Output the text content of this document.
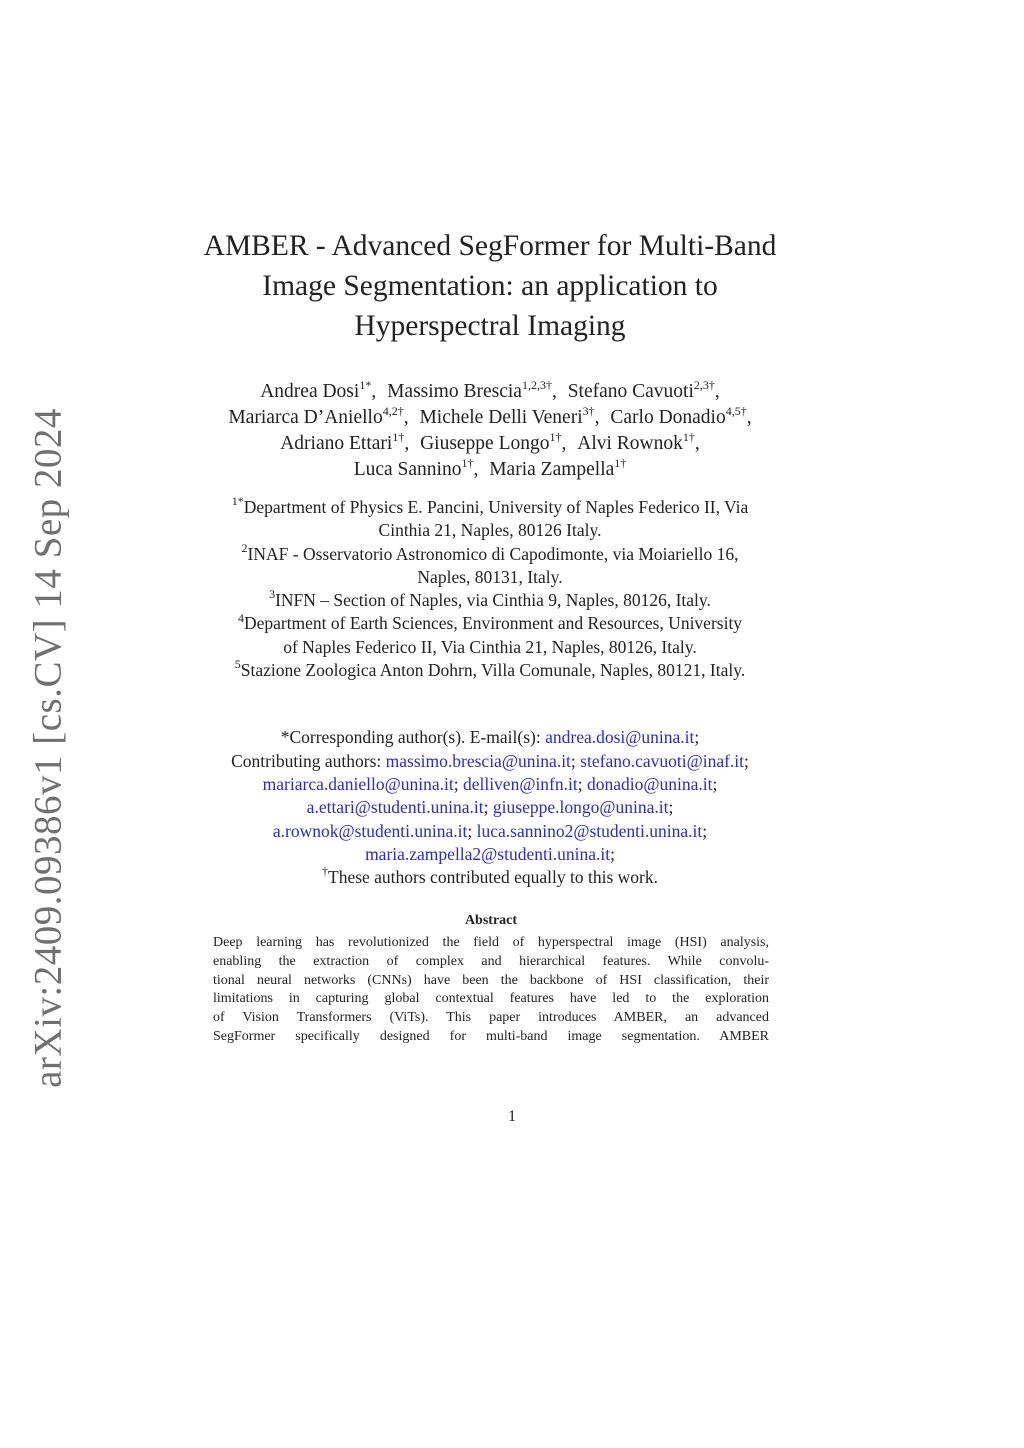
arXiv:2409.09386v1 [cs.CV] 14 Sep 2024
AMBER - Advanced SegFormer for Multi-Band
Image Segmentation: an application to
Hyperspectral Imaging
Andrea Dosi$^{1*}$, Massimo Brescia$^{1,2,3\dagger}$, Stefano Cavuoti$^{2,3\dagger}$,
Mariarca D’Aniello$^{4,2\dagger}$, Michele Delli Veneri$^{3\dagger}$, Carlo Donadio$^{4,5\dagger}$,
Adriano Ettari$^{1\dagger}$, Giuseppe Longo$^{1\dagger}$, Alvi Rownok$^{1\dagger}$,
Luca Sannino$^{1\dagger}$, Maria Zampella$^{1\dagger}$
$^{1*}$Department of Physics E. Pancini, University of Naples Federico II, Via
Cinthia 21, Naples, 80126 Italy.
$^2$INAF - Osservatorio Astronomico di Capodimonte, via Moiariello 16,
Naples, 80131, Italy.
$^3$INFN – Section of Naples, via Cinthia 9, Naples, 80126, Italy.
$^4$Department of Earth Sciences, Environment and Resources, University
of Naples Federico II, Via Cinthia 21, Naples, 80126, Italy.
$^5$Stazione Zoologica Anton Dohrn, Villa Comunale, Naples, 80121, Italy.
*Corresponding author(s). E-mail(s): andrea.dosi@unina.it;
Contributing authors: massimo.brescia@unina.it; stefano.cavuoti@inaf.it;
mariarca.daniello@unina.it; delliven@infn.it; donadio@unina.it;
a.ettari@studenti.unina.it; giuseppe.longo@unina.it;
a.rownok@studenti.unina.it; luca.sannino2@studenti.unina.it;
maria.zampella2@studenti.unina.it;
†These authors contributed equally to this work.
Abstract
Deep learning has revolutionized the field of hyperspectral image (HSI) analysis,
enabling the extraction of complex and hierarchical features. While convolu-
tional neural networks (CNNs) have been the backbone of HSI classification, their
limitations in capturing global contextual features have led to the exploration
of Vision Transformers (ViTs). This paper introduces AMBER, an advanced
SegFormer specifically designed for multi-band image segmentation. AMBER
1
